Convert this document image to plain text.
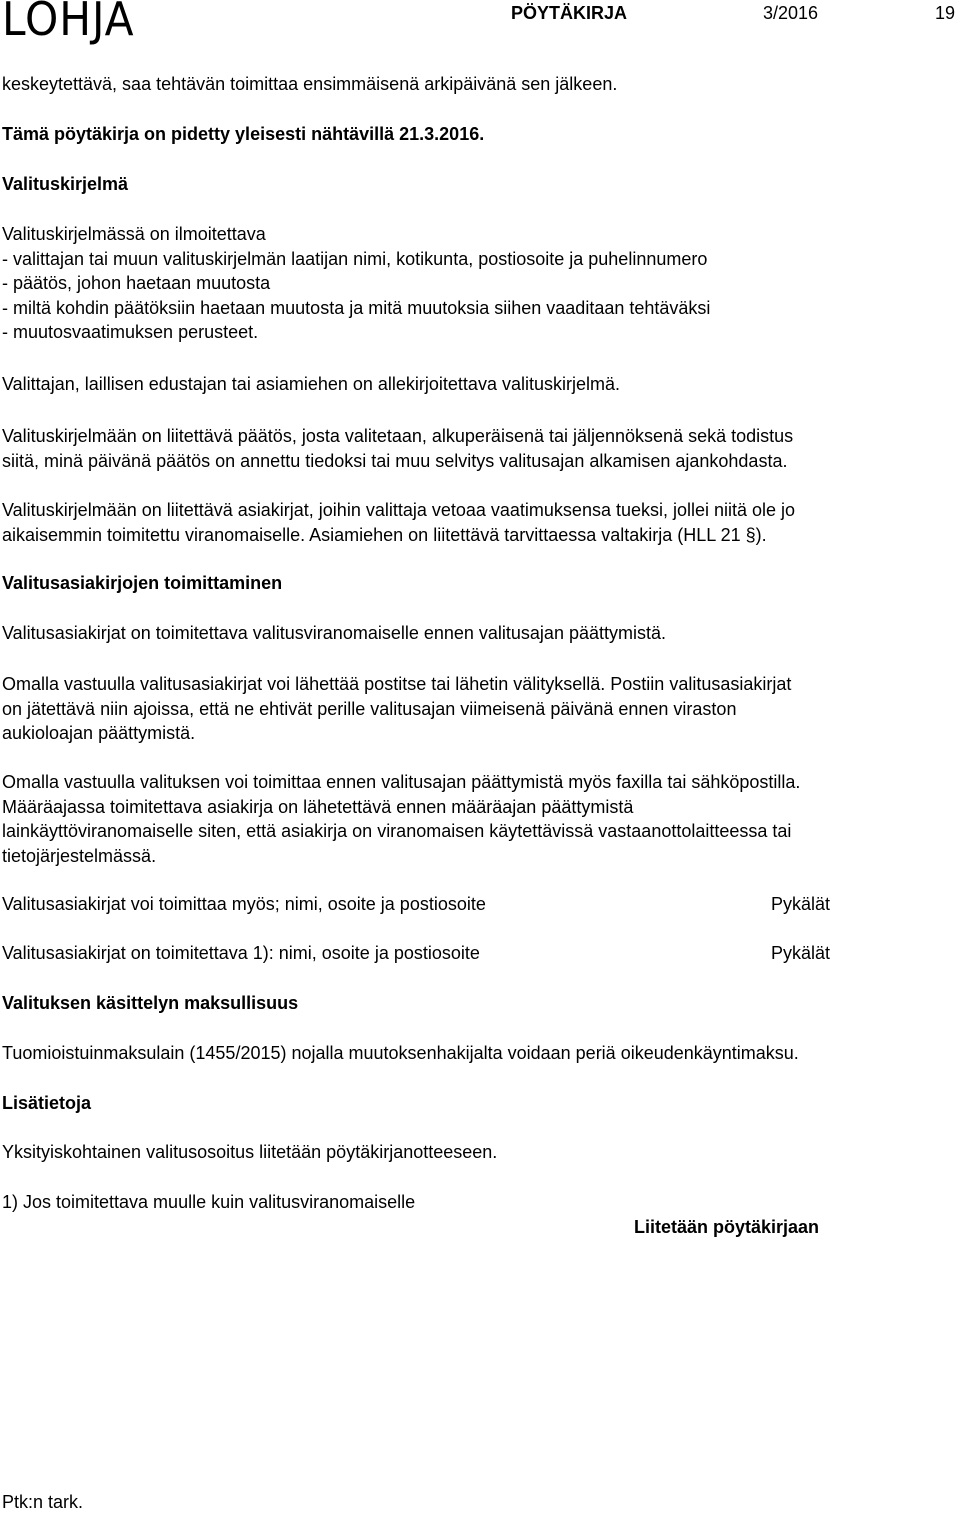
LOHJA	PÖYTÄKIRJA	3/2016	19
keskeytettävä, saa tehtävän toimittaa ensimmäisenä arkipäivänä sen jälkeen.
Tämä pöytäkirja on pidetty yleisesti nähtävillä 21.3.2016.
Valituskirjelmä
Valituskirjelmässä on ilmoitettava
- valittajan tai muun valituskirjelmän laatijan nimi, kotikunta, postiosoite ja puhelinnumero
- päätös, johon haetaan muutosta
- miltä kohdin päätöksiin haetaan muutosta ja mitä muutoksia siihen vaaditaan tehtäväksi
- muutosvaatimuksen perusteet.
Valittajan, laillisen edustajan tai asiamiehen on allekirjoitettava valituskirjelmä.
Valituskirjelmään on liitettävä päätös, josta valitetaan, alkuperäisenä tai jäljennöksenä sekä todistus
siitä, minä päivänä päätös on annettu tiedoksi tai muu selvitys valitusajan alkamisen ajankohdasta.
Valituskirjelmään on liitettävä asiakirjat, joihin valittaja vetoaa vaatimuksensa tueksi, jollei niitä ole jo
aikaisemmin toimitettu viranomaiselle. Asiamiehen on liitettävä tarvittaessa valtakirja (HLL 21 §).
Valitusasiakirjojen toimittaminen
Valitusasiakirjat on toimitettava valitusviranomaiselle ennen valitusajan päättymistä.
Omalla vastuulla valitusasiakirjat voi lähettää postitse tai lähetin välityksellä. Postiin valitusasiakirjat
on jätettävä niin ajoissa, että ne ehtivät perille valitusajan viimeisenä päivänä ennen viraston
aukioloajan päättymistä.
Omalla vastuulla valituksen voi toimittaa ennen valitusajan päättymistä myös faxilla tai sähköpostilla.
Määräajassa toimitettava asiakirja on lähetettävä ennen määräajan päättymistä
lainkäyttöviranomaiselle siten, että asiakirja on viranomaisen käytettävissä vastaanottolaitteessa tai
tietojärjestelmässä.
Valitusasiakirjat voi toimittaa myös; nimi, osoite ja postiosoite	Pykälät
Valitusasiakirjat on toimitettava 1): nimi, osoite ja postiosoite	Pykälät
Valituksen käsittelyn maksullisuus
Tuomioistuinmaksulain (1455/2015) nojalla muutoksenhakijalta voidaan periä oikeudenkäyntimaksu.
Lisätietoja
Yksityiskohtainen valitusosoitus liitetään pöytäkirjanotteeseen.
1) Jos toimitettava muulle kuin valitusviranomaiselle
Liitetään pöytäkirjaan
Ptk:n tark.
